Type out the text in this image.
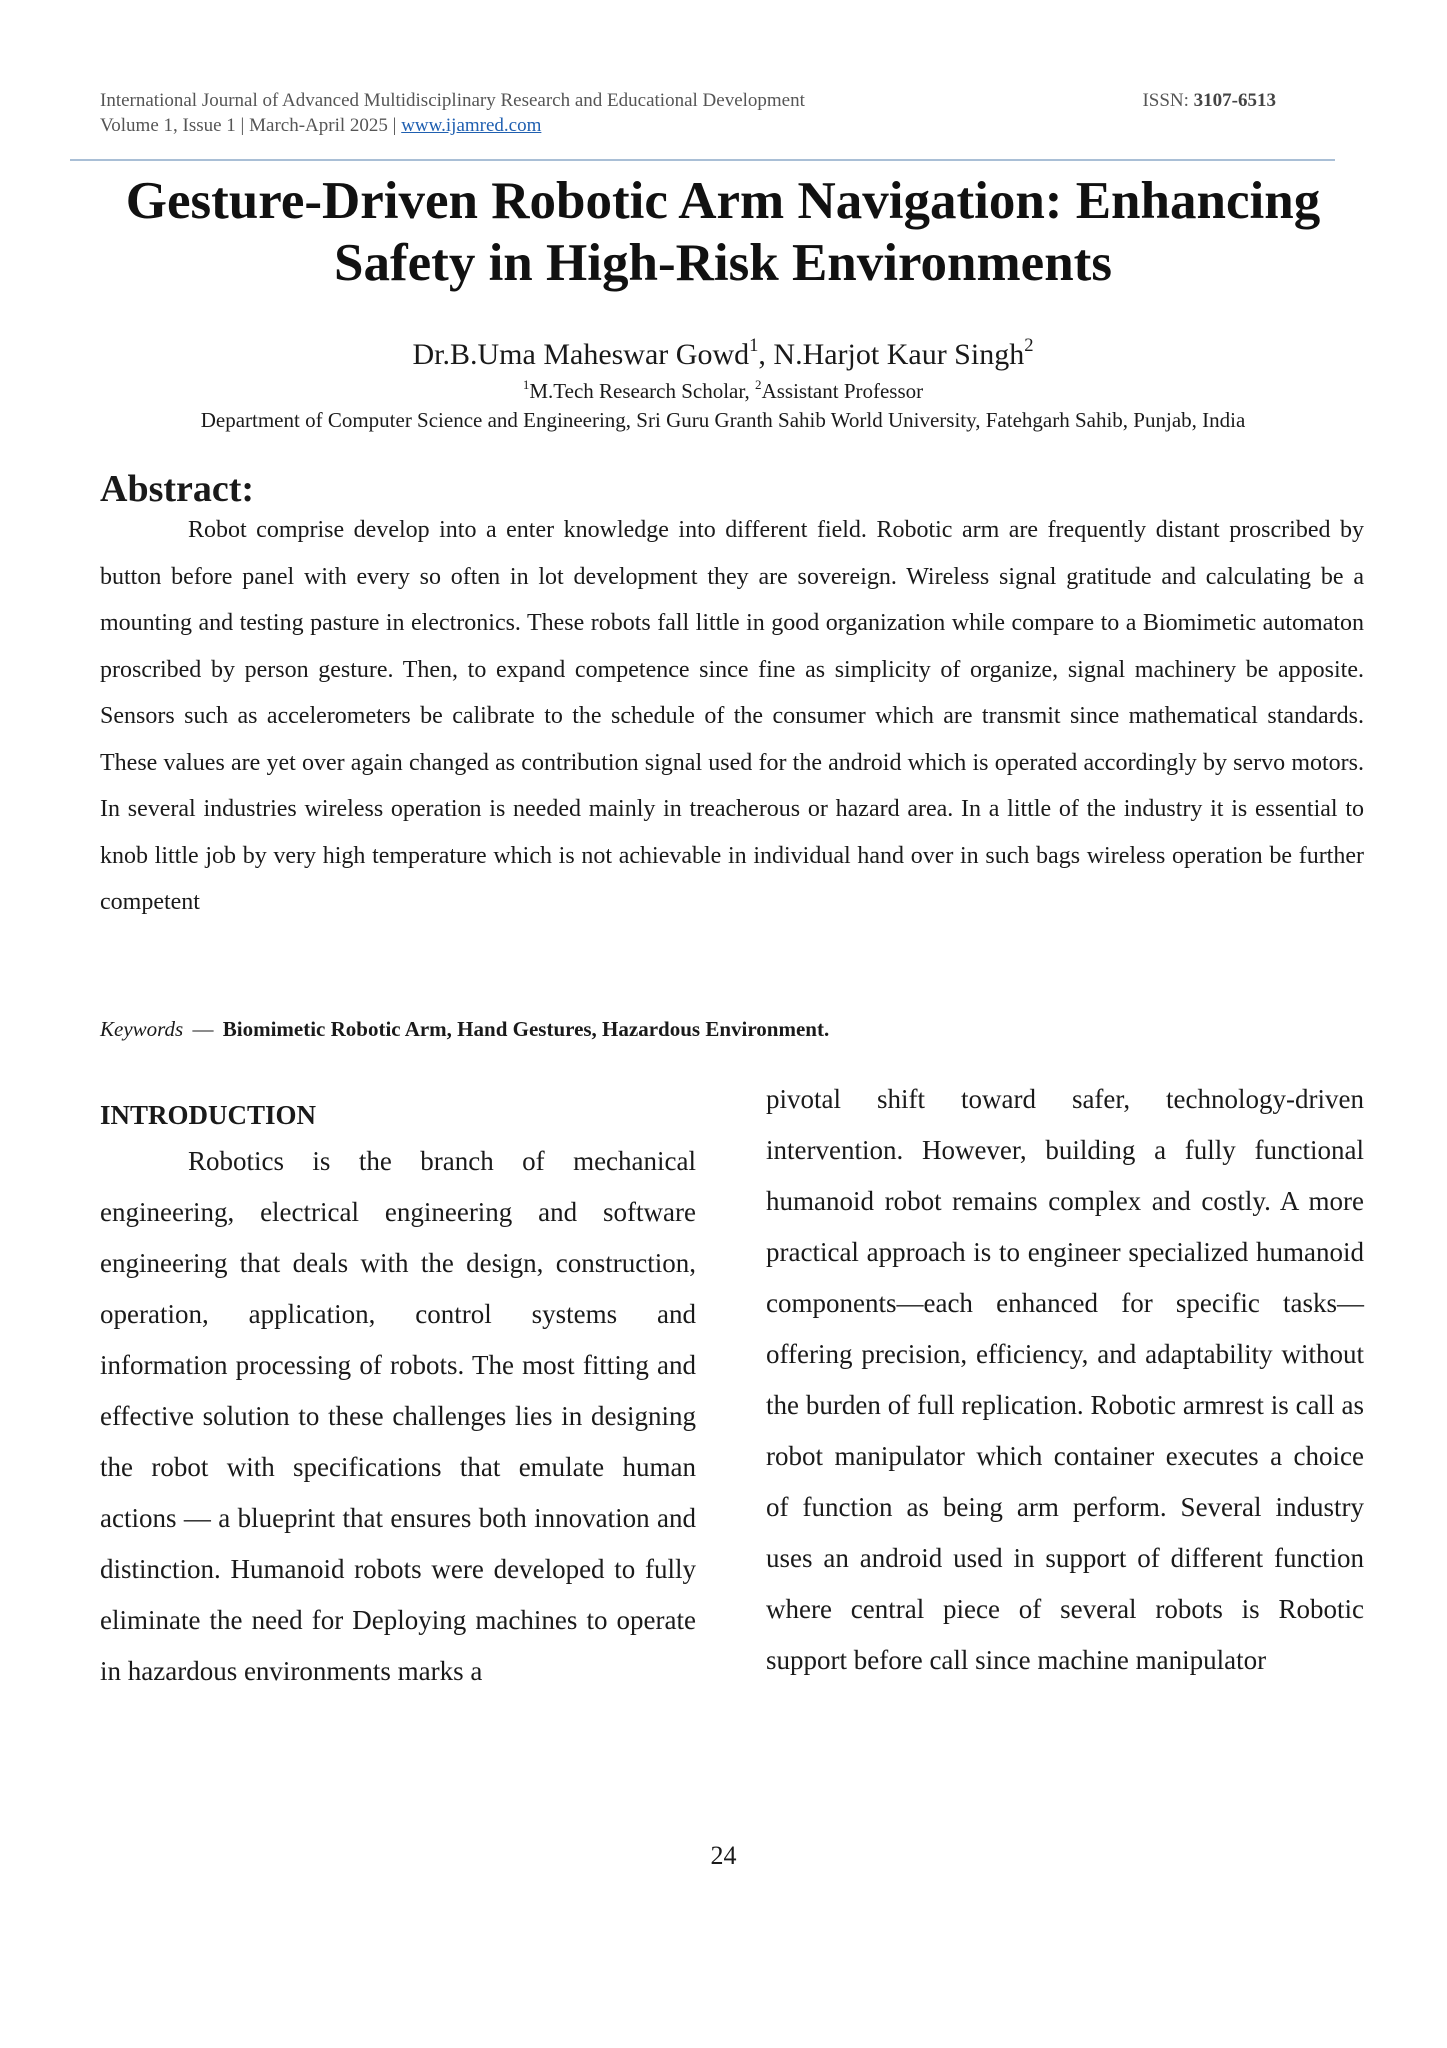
International Journal of Advanced Multidisciplinary Research and Educational Development	ISSN: 3107-6513
Volume 1, Issue 1 | March-April 2025 | www.ijamred.com
Gesture-Driven Robotic Arm Navigation: Enhancing Safety in High-Risk Environments
Dr.B.Uma Maheswar Gowd$^1$, N.Harjot Kaur Singh$^2$
$^1$M.Tech Research Scholar, $^2$Assistant Professor
Department of Computer Science and Engineering, Sri Guru Granth Sahib World University, Fatehgarh Sahib, Punjab, India
Abstract:

Robot comprise develop into a enter knowledge into different field. Robotic arm are frequently distant proscribed by button before panel with every so often in lot development they are sovereign. Wireless signal gratitude and calculating be a mounting and testing pasture in electronics. These robots fall little in good organization while compare to a Biomimetic automaton proscribed by person gesture. Then, to expand competence since fine as simplicity of organize, signal machinery be apposite. Sensors such as accelerometers be calibrate to the schedule of the consumer which are transmit since mathematical standards. These values are yet over again changed as contribution signal used for the android which is operated accordingly by servo motors. In several industries wireless operation is needed mainly in treacherous or hazard area. In a little of the industry it is essential to knob little job by very high temperature which is not achievable in individual hand over in such bags wireless operation be further competent

Keywords — Biomimetic Robotic Arm, Hand Gestures, Hazardous Environment.
INTRODUCTION

Robotics is the branch of mechanical engineering, electrical engineering and software engineering that deals with the design, construction, operation, application, control systems and information processing of robots. The most fitting and effective solution to these challenges lies in designing the robot with specifications that emulate human actions — a blueprint that ensures both innovation and distinction. Humanoid robots were developed to fully eliminate the need for Deploying machines to operate in hazardous environments marks a

pivotal shift toward safer, technology-driven intervention. However, building a fully functional humanoid robot remains complex and costly. A more practical approach is to engineer specialized humanoid components—each enhanced for specific tasks—offering precision, efficiency, and adaptability without the burden of full replication. Robotic armrest is call as robot manipulator which container executes a choice of function as being arm perform. Several industry uses an android used in support of different function where central piece of several robots is Robotic support before call since machine manipulator

24
